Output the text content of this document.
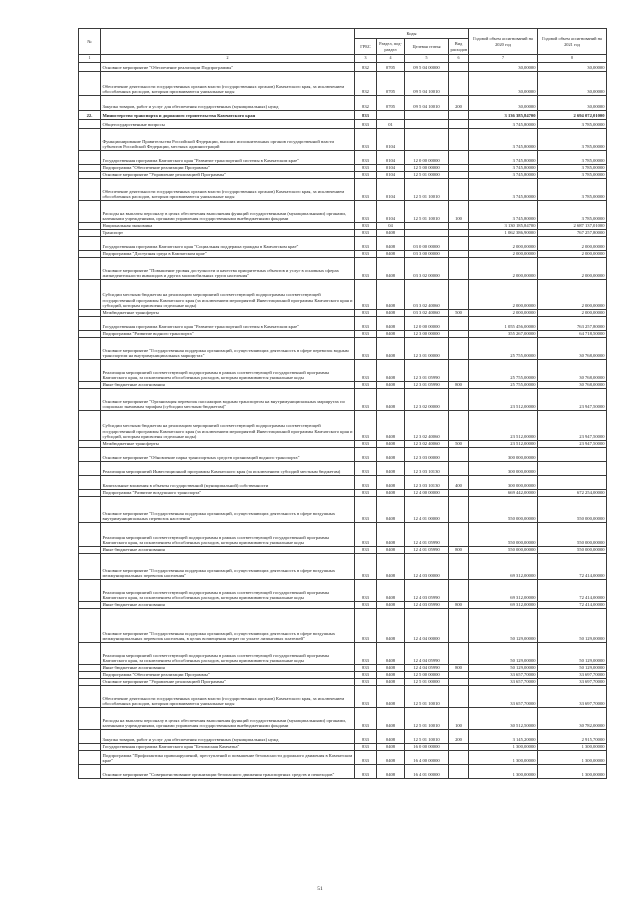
№		Коды				Годовой объем ассигнований на 2020 год	Годовой объем ассигнований на 2021 год
		ГРБС	Раздел, под-раздел	Целевая статья	Вид расходов		
1	2	3	4	5	6	7	8
	Основное мероприятие "Обеспечение реализации Подпрограммы"	832	0705	09 5 04 00000		30,00000	30,00000
	Обеспечение деятельности государственных органов власти (государственных органов) Камчатского края, за исключением обособленных расходов, которым присваиваются уникальные коды	832	0705	09 5 04 10010		30,00000	30,00000
	Закупка товаров, работ и услуг для обеспечения государственных (муниципальных) нужд	832	0705	09 5 04 10010	200	30,00000	30,00000
22.	Министерство транспорта и дорожного строительства Камчатского края	833				3 136 385,84700	2 694 072,01000
	Общегосударственные вопросы	833	01			3 745,80000	3 785,00000
	Функционирование Правительства Российской Федерации, высших исполнительных органов государственной власти субъектов Российской Федерации, местных администраций	833	0104			3 745,80000	3 785,00000
	Государственная программа Камчатского края "Развитие транспортной системы в Камчатском крае"	833	0104	12 0 00 00000		3 745,80000	3 785,00000
	Подпрограмма "Обеспечение реализации Программы"	833	0104	12 5 00 00000		3 745,80000	3 785,00000
	Основное мероприятие "Управление реализацией Программы"	833	0104	12 5 01 00000		3 745,80000	3 785,00000
	Обеспечение деятельности государственных органов власти (государственных органов) Камчатского края, за исключением обособленных расходов, которым присваиваются уникальные коды	833	0104	12 5 01 10010		3 745,80000	3 785,00000
	Расходы на выплаты персоналу в целях обеспечения выполнения функций государственными (муниципальными) органами, казенными учреждениями, органами управления государственными внебюджетными фондами	833	0104	12 5 01 10010	100	3 745,80000	3 785,00000
	Национальная экономика	833	04			3 130 185,84700	2 687 137,01000
	Транспорт	833	0408			1 062 386,90000	767 257,80000
	Государственная программа Камчатского края "Социальная поддержка граждан в Камчатском крае"	833	0408	03 0 00 00000		2 000,00000	2 000,00000
	Подпрограмма "Доступная среда в Камчатском крае"	833	0408	03 3 00 00000		2 000,00000	2 000,00000
	Основное мероприятие "Повышение уровня доступности и качества приоритетных объектов и услуг в основных сферах жизнедеятельности инвалидов и других маломобильных групп населения"	833	0408	03 3 02 00000		2 000,00000	2 000,00000
	Субсидии местным бюджетам на реализацию мероприятий соответствующей подпрограммы соответствующей государственной программы Камчатского края (за исключением мероприятий Инвестиционной программы Камчатского края и субсидий, которым присвоены отдельные коды)	833	0408	03 3 02 40060		2 000,00000	2 000,00000
	Межбюджетные трансферты	833	0408	03 3 02 40060	500	2 000,00000	2 000,00000
	Государственная программа Камчатского края "Развитие транспортной системы в Камчатском крае"	833	0408	12 0 00 00000		1 055 456,00000	763 257,80000
	Подпрограмма "Развитие водного транспорта"	833	0408	12 3 00 00000		355 267,00000	64 718,50000
	Основное мероприятие "Государственная поддержка организаций, осуществляющих деятельность в сфере перевозок водным транспортом на внутримуниципальных маршрутах"	833	0408	12 3 01 00000		25 755,00000	30 768,00000
	Реализация мероприятий соответствующей подпрограммы в рамках соответствующей государственной программы Камчатского края, за исключением обособленных расходов, которым присваиваются уникальные коды	833	0408	12 3 01 05990		25 755,00000	30 768,00000
	Иные бюджетные ассигнования	833	0408	12 3 01 05990	800	25 755,00000	30 768,00000
	Основное мероприятие "Организация перевозок пассажиров водным транспортом на внутримуниципальных маршрутах по социально значимым тарифам (субсидии местным бюджетам)"	833	0408	12 3 02 00000		23 512,00000	23 947,50000
	Субсидии местным бюджетам на реализацию мероприятий соответствующей подпрограммы соответствующей государственной программы Камчатского края (за исключением мероприятий Инвестиционной программы Камчатского края и субсидий, которым присвоены отдельные коды)	833	0408	12 3 02 40060		23 512,00000	23 947,50000
	Межбюджетные трансферты	833	0408	12 3 02 40060	500	23 512,00000	23 947,50000
	Основное мероприятие "Обновление парка транспортных средств организаций водного транспорта"	833	0408	12 3 03 00000		300 000,00000	
	Реализация мероприятий Инвестиционной программы Камчатского края (за исключением субсидий местным бюджетам)	833	0408	12 3 03 10130		300 000,00000	
	Капитальные вложения в объекты государственной (муниципальной) собственности	833	0408	12 3 03 10130	400	300 000,00000	
	Подпрограмма "Развитие воздушного транспорта"	833	0408	12 4 00 00000		669 442,00000	672 254,00000
	Основное мероприятие "Государственная поддержка организаций, осуществляющих деятельность в сфере воздушных внутримуниципальных перевозок населения"	833	0408	12 4 01 00000		550 000,00000	550 000,00000
	Реализация мероприятий соответствующей подпрограммы в рамках соответствующей государственной программы Камчатского края, за исключением обособленных расходов, которым присваиваются уникальные коды	833	0408	12 4 01 05990		550 000,00000	550 000,00000
	Иные бюджетные ассигнования	833	0408	12 4 01 05990	800	550 000,00000	550 000,00000
	Основное мероприятие "Государственная поддержка организаций, осуществляющих деятельность в сфере воздушных межмуниципальных перевозок населения"	833	0408	12 4 03 00000		69 312,00000	72 414,00000
	Реализация мероприятий соответствующей подпрограммы в рамках соответствующей государственной программы Камчатского края, за исключением обособленных расходов, которым присваиваются уникальные коды	833	0408	12 4 03 05990		69 312,00000	72 414,00000
	Иные бюджетные ассигнования	833	0408	12 4 03 05990	800	69 312,00000	72 414,00000
	Основное мероприятие "Государственная поддержка организаций, осуществляющих деятельность в сфере воздушных межмуниципальных перевозок населения, в целях возмещения затрат по уплате лизинговых платежей"	833	0408	12 4 04 00000		50 129,00000	50 129,00000
	Реализация мероприятий соответствующей подпрограммы в рамках соответствующей государственной программы Камчатского края, за исключением обособленных расходов, которым присваиваются уникальные коды	833	0408	12 4 04 05990		50 129,00000	50 129,00000
	Иные бюджетные ассигнования	833	0408	12 4 04 05990	800	50 129,00000	50 129,00000
	Подпрограмма "Обеспечение реализации Программы"	833	0408	12 5 00 00000		33 657,70000	33 697,70000
	Основное мероприятие "Управление реализацией Программы"	833	0408	12 5 01 00000		33 657,70000	33 697,70000
	Обеспечение деятельности государственных органов власти (государственных органов) Камчатского края, за исключением обособленных расходов, которым присваиваются уникальные коды	833	0408	12 5 01 10010		33 657,70000	33 697,70000
	Расходы на выплаты персоналу в целях обеспечения выполнения функций государственными (муниципальными) органами, казенными учреждениями, органами управления государственными внебюджетными фондами	833	0408	12 5 01 10010	100	30 512,50000	30 782,00000
	Закупка товаров, работ и услуг для обеспечения государственных (муниципальных) нужд	833	0408	12 5 01 10010	200	3 145,20000	2 915,70000
	Государственная программа Камчатского края "Безопасная Камчатка"	833	0408	16 0 00 00000		1 300,00000	1 300,00000
	Подпрограмма "Профилактика правонарушений, преступлений и повышение безопасности дорожного движения в Камчатском крае"	833	0408	16 4 00 00000		1 300,00000	1 300,00000
	Основное мероприятие "Совершенствование организации безопасного движения транспортных средств и пешеходов"	833	0408	16 4 01 00000		1 300,00000	1 300,00000
51
